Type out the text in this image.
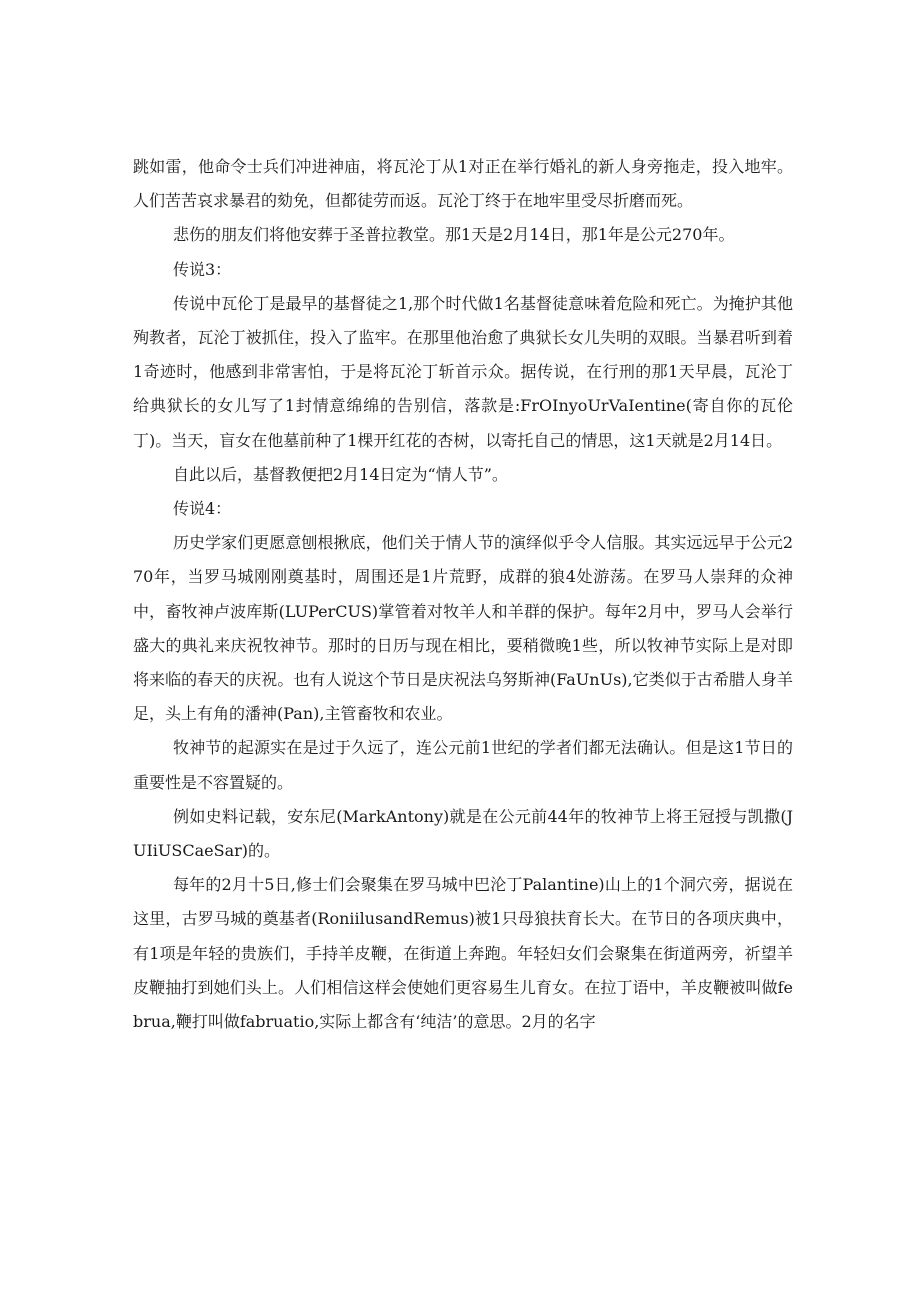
跳如雷，他命令士兵们冲进神庙，将瓦沦丁从1对正在举行婚礼的新人身旁拖走，投入地牢。人们苦苦哀求暴君的劾免，但都徒劳而返。瓦沦丁终于在地牢里受尽折磨而死。

悲伤的朋友们将他安葬于圣普拉教堂。那1天是2月14日，那1年是公元270年。

传说3：

传说中瓦伦丁是最早的基督徒之1,那个时代做1名基督徒意味着危险和死亡。为掩护其他殉教者，瓦沦丁被抓住，投入了监牢。在那里他治愈了典狱长女儿失明的双眼。当暴君听到着1奇迹时，他感到非常害怕，于是将瓦沦丁斩首示众。据传说，在行刑的那1天早晨，瓦沦丁给典狱长的女儿写了1封情意绵绵的告别信，落款是:FrOInyoUrVaIentine(寄自你的瓦伦丁)。当天，盲女在他墓前种了1棵开红花的杏树，以寄托自己的情思，这1天就是2月14日。

自此以后，基督教便把2月14日定为“情人节”。

传说4：

历史学家们更愿意刨根揪底，他们关于情人节的演绎似乎令人信服。其实远远早于公元270年，当罗马城刚刚奠基时，周围还是1片荒野，成群的狼4处游荡。在罗马人崇拜的众神中，畜牧神卢波库斯(LUPerCUS)掌管着对牧羊人和羊群的保护。每年2月中，罗马人会举行盛大的典礼来庆祝牧神节。那时的日历与现在相比，要稍微晚1些，所以牧神节实际上是对即将来临的春天的庆祝。也有人说这个节日是庆祝法乌努斯神(FaUnUs),它类似于古希腊人身羊足，头上有角的潘神(Pan),主管畜牧和农业。

牧神节的起源实在是过于久远了，连公元前1世纪的学者们都无法确认。但是这1节日的重要性是不容置疑的。

例如史料记载，安东尼(MarkAntony)就是在公元前44年的牧神节上将王冠授与凯撒(JUIiUSCaeSar)的。

每年的2月十5日,修士们会聚集在罗马城中巴沦丁Palantine)山上的1个洞穴旁，据说在这里，古罗马城的奠基者(RoniilusandRemus)被1只母狼扶育长大。在节日的各项庆典中，有1项是年轻的贵族们，手持羊皮鞭，在街道上奔跑。年轻妇女们会聚集在街道两旁，祈望羊皮鞭抽打到她们头上。人们相信这样会使她们更容易生儿育女。在拉丁语中，羊皮鞭被叫做februa,鞭打叫做fabruatio,实际上都含有‘纯洁’的意思。2月的名字
